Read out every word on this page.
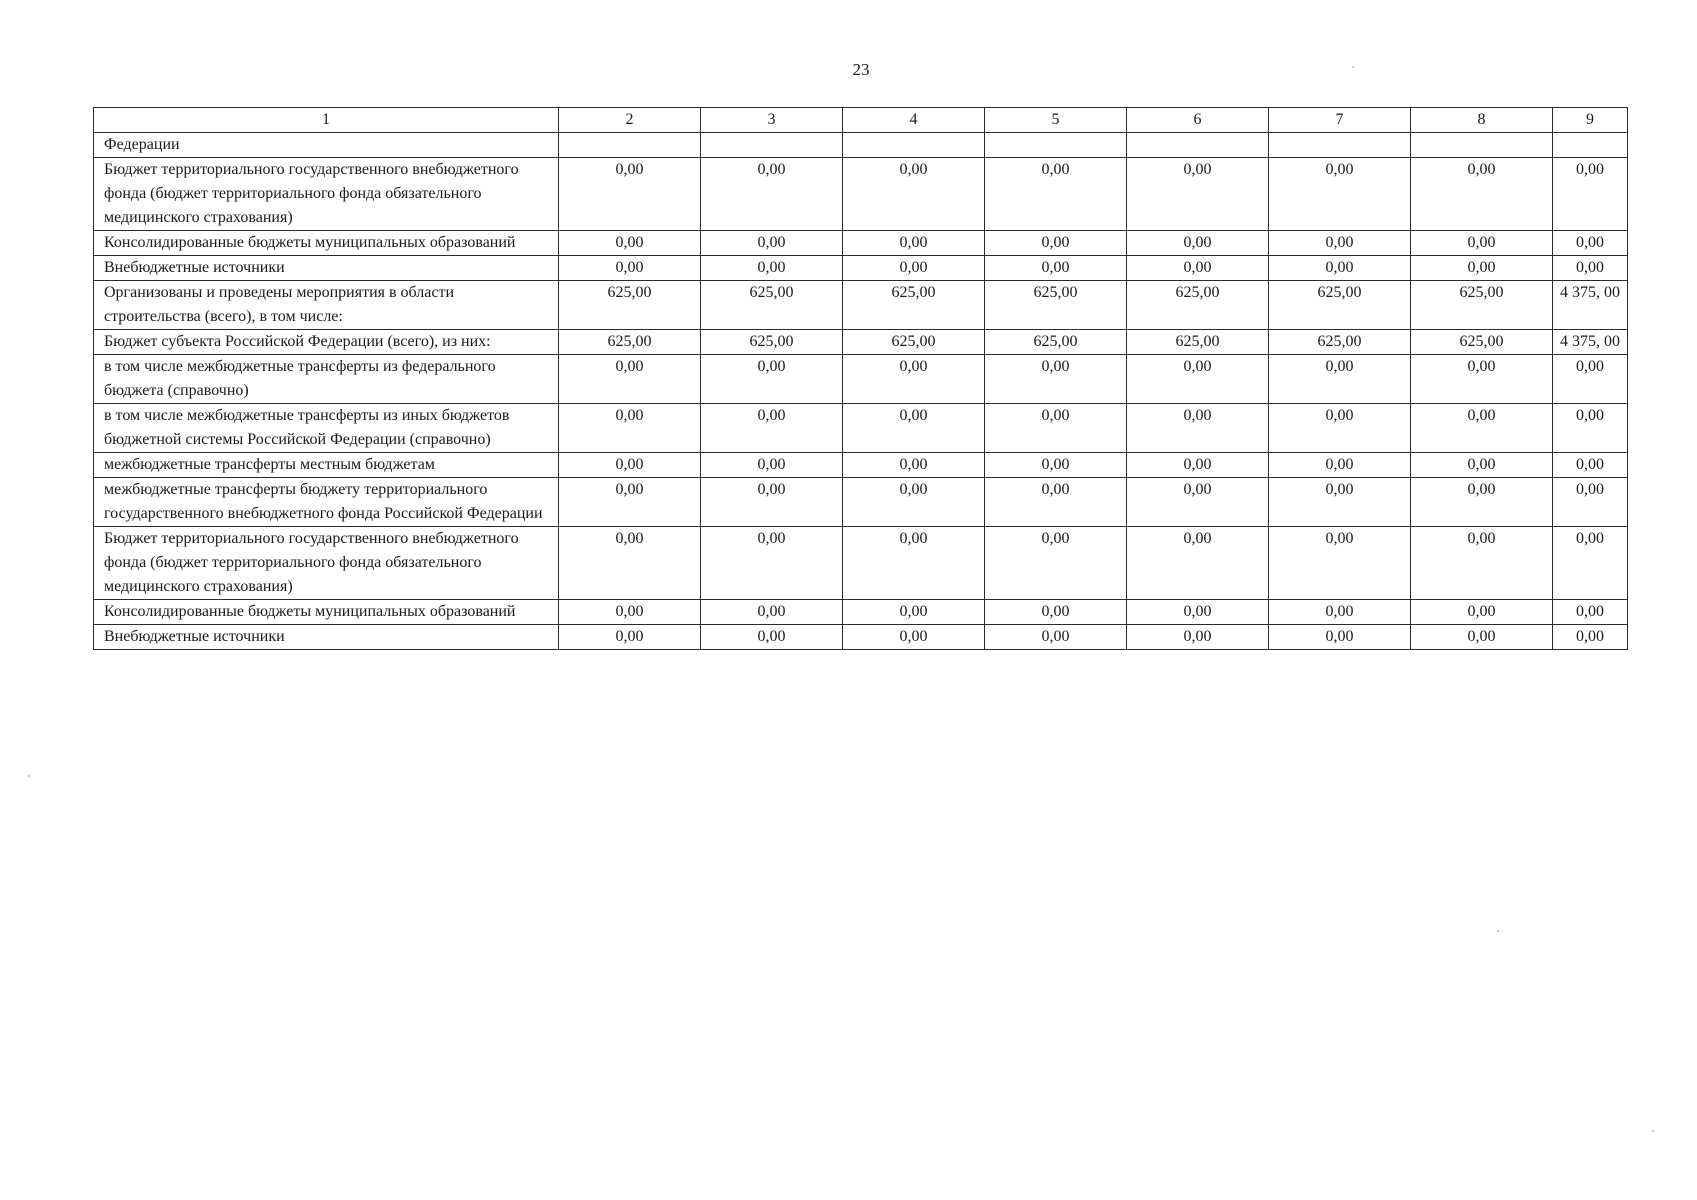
23
1	2	3	4	5	6	7	8	9
Федерации								
Бюджет территориального государственного внебюджетного фонда (бюджет территориального фонда обязательного медицинского страхования)	0,00	0,00	0,00	0,00	0,00	0,00	0,00	0,00
Консолидированные бюджеты муниципальных образований	0,00	0,00	0,00	0,00	0,00	0,00	0,00	0,00
Внебюджетные источники	0,00	0,00	0,00	0,00	0,00	0,00	0,00	0,00
Организованы и проведены мероприятия в области строительства (всего), в том числе:	625,00	625,00	625,00	625,00	625,00	625,00	625,00	4 375, 00
Бюджет субъекта Российской Федерации (всего), из них:	625,00	625,00	625,00	625,00	625,00	625,00	625,00	4 375, 00
в том числе межбюджетные трансферты из федерального бюджета (справочно)	0,00	0,00	0,00	0,00	0,00	0,00	0,00	0,00
в том числе межбюджетные трансферты из иных бюджетов бюджетной системы Российской Федерации (справочно)	0,00	0,00	0,00	0,00	0,00	0,00	0,00	0,00
межбюджетные трансферты местным бюджетам	0,00	0,00	0,00	0,00	0,00	0,00	0,00	0,00
межбюджетные трансферты бюджету территориального государственного внебюджетного фонда Российской Федерации	0,00	0,00	0,00	0,00	0,00	0,00	0,00	0,00
Бюджет территориального государственного внебюджетного фонда (бюджет территориального фонда обязательного медицинского страхования)	0,00	0,00	0,00	0,00	0,00	0,00	0,00	0,00
Консолидированные бюджеты муниципальных образований	0,00	0,00	0,00	0,00	0,00	0,00	0,00	0,00
Внебюджетные источники	0,00	0,00	0,00	0,00	0,00	0,00	0,00	0,00
